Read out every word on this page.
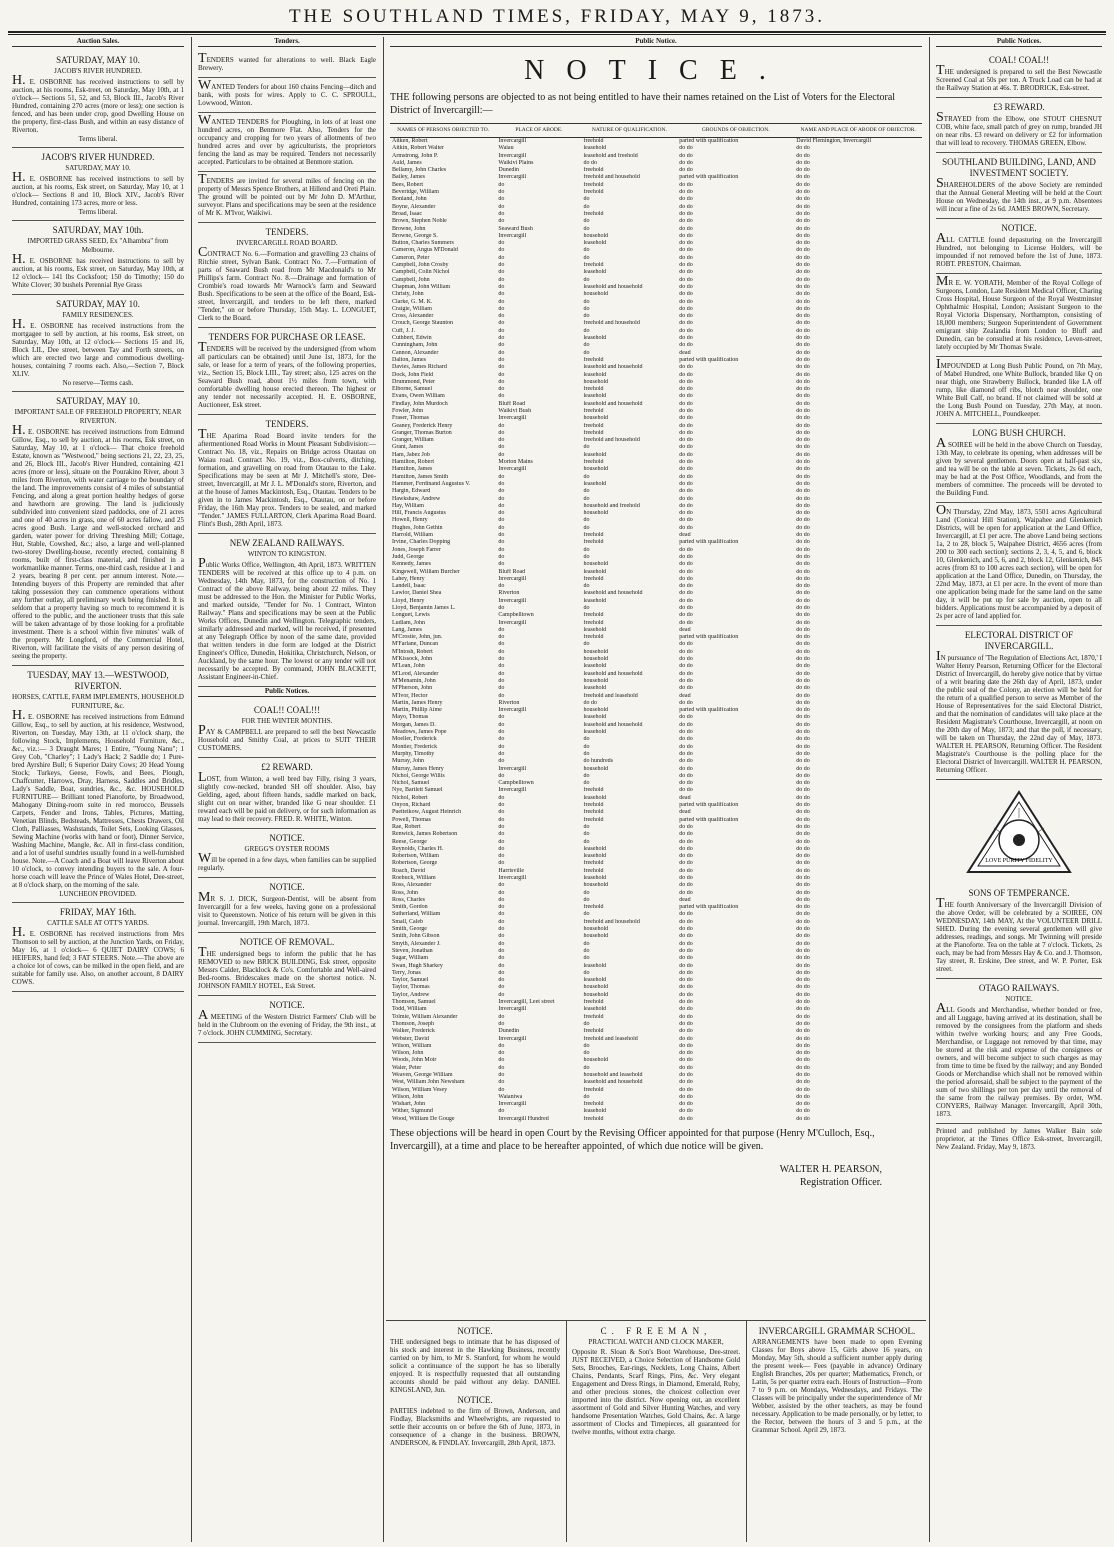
THE SOUTHLAND TIMES, FRIDAY, MAY 9, 1873.
Auction Sales.
SATURDAY, MAY 10.
JACOB'S RIVER HUNDRED.

H. E. OSBORNE has received instructions to sell by auction, at his rooms, Esk-treet, on Saturday, May 10th, at 1 o'clock— Sections 51, 52, and 53, Block III., Jacob's River Hundred, containing 270 acres (more or less); one section is fenced, and has been under crop, good Dwelling House on the property, first-class Bush, and within an easy distance of Riverton.

Terms liberal.
JACOB'S RIVER HUNDRED.
SATURDAY, MAY 10.

H. E. OSBORNE has received instructions to sell by auction, at his rooms, Esk street, on Saturday, May 10, at 1 o'clock— Sections 8 and 10, Block XIV., Jacob's River Hundred, containing 173 acres, more or less.

Terms liberal.
SATURDAY, MAY 10th.
IMPORTED GRASS SEED, Ex "Alhambra" from Melbourne.

H. E. OSBORNE has received instructions to sell by auction, at his rooms, Esk street, on Saturday, May 10th, at 12 o'clock— 141 lbs Cocksfoot; 150 do Timothy; 150 do White Clover; 30 bushels Perennial Rye Grass

SATURDAY, MAY 10.
FAMILY RESIDENCES.

H. E. OSBORNE has received instructions from the mortgagee to sell by auction, at his rooms, Esk street, on Saturday, May 10th, at 12 o'clock— Sections 15 and 16, Block LII., Dee street, between Tay and Forth streets, on which are erected two large and commodious dwelling-houses, containing 7 rooms each. Also,—Section 7, Block XLIV.

No reserve—Terms cash.
SATURDAY, MAY 10.
IMPORTANT SALE OF FREEHOLD PROPERTY, NEAR RIVERTON.

H. E. OSBORNE has received instructions from Edmund Gillow, Esq., to sell by auction, at his rooms, Esk street, on Saturday, May 10, at 1 o'clock— That choice freehold Estate, known as "Westwood," being sections 21, 22, 23, 25, and 26, Block III., Jacob's River Hundred, containing 421 acres (more or less), situate on the Pourakino River, about 3 miles from Riverton, with water carriage to the boundary of the land. The improvements consist of 4 miles of substantial Fencing, and along a great portion healthy hedges of gorse and hawthorn are growing. The land is judiciously subdivided into convenient sized paddocks, one of 21 acres and one of 40 acres in grass, one of 60 acres fallow, and 25 acres good Bush. Large and well-stocked orchard and garden, water power for driving Threshing Mill; Cottage, Hut, Stable, Cowshed, &c.; also, a large and well-planned two-storey Dwelling-house, recently erected, containing 8 rooms, built of first-class material, and finished in a workmanlike manner. Terms, one-third cash, residue at 1 and 2 years, bearing 8 per cent. per annum interest. Note.—Intending buyers of this Property are reminded that after taking possession they can commence operations without any further outlay, all preliminary work being finished. It is seldom that a property having so much to recommend it is offered to the public, and the auctioneer trusts that this sale will be taken advantage of by those looking for a profitable investment. There is a school within five minutes' walk of the property. Mr Longford, of the Commercial Hotel, Riverton, will facilitate the visits of any person desiring of seeing the property.

TUESDAY, MAY 13.—WESTWOOD, RIVERTON.
HORSES, CATTLE, FARM IMPLEMENTS, HOUSEHOLD FURNITURE, &c.

H. E. OSBORNE has received instructions from Edmund Gillow, Esq., to sell by auction, at his residence, Westwood, Riverton, on Tuesday, May 13th, at 11 o'clock sharp, the following Stock, Implements, Household Furniture, &c., &c., viz.:— 3 Draught Mares; 1 Entire, "Young Nanu"; 1 Grey Cob, "Charley"; 1 Lady's Hack; 2 Saddle do; 1 Pure-bred Ayrshire Bull; 6 Superior Dairy Cows; 20 Head Young Stock; Turkeys, Geese, Fowls, and Bees, Plough, Chaffcutter, Harrows, Dray, Harness, Saddles and Bridles, Lady's Saddle, Boat, sundries, &c., &c. HOUSEHOLD FURNITURE— Brilliant toned Pianoforte, by Broadwood, Mahogany Dining-room suite in red morocco, Brussels Carpets, Fender and Irons, Tables, Pictures, Matting, Venetian Blinds, Bedsteads, Mattresses, Chests Drawers, Oil Cloth, Palliasses, Washstands, Toilet Sets, Looking Glasses, Sewing Machine (works with hand or foot), Dinner Service, Washing Machine, Mangle, &c. All in first-class condition, and a lot of useful sundries usually found in a well-furnished house. Note.—A Coach and a Boat will leave Riverton about 10 o'clock, to convey intending buyers to the sale. A four-horse coach will leave the Prince of Wales Hotel, Dee-street, at 8 o'clock sharp, on the morning of the sale.

LUNCHEON PROVIDED.
FRIDAY, MAY 16th.
CATTLE SALE AT OTT'S YARDS.

H. E. OSBORNE has received instructions from Mrs Thomson to sell by auction, at the Junction Yards, on Friday, May 16, at 1 o'clock— 6 QUIET DAIRY COWS; 6 HEIFERS, hand fed; 3 FAT STEERS. Note.—The above are a choice lot of cows, can be milked in the open field, and are suitable for family use. Also, on another account, 8 DAIRY COWS.

Tenders.

TENDERS wanted for alterations to well. Black Eagle Brewery.

WANTED Tenders for about 160 chains Fencing—ditch and bank, with posts for wires. Apply to C. C. SPROULL, Lowwood, Winton.

WANTED TENDERS for Ploughing, in lots of at least one hundred acres, on Benmore Flat. Also, Tenders for the occupancy and cropping for two years of allotments of two hundred acres and over by agriculturists, the proprietors fencing the land as may be required. Tenders not necessarily accepted. Particulars to be obtained at Benmore station.

TENDERS are invited for several miles of fencing on the property of Messrs Spence Brothers, at Hillend and Oreti Plain. The ground will be pointed out by Mr John D. M'Arthur, surveyor. Plans and specifications may be seen at the residence of Mr K. M'Ivor, Waikiwi.

TENDERS.
INVERCARGILL ROAD BOARD.

CONTRACT No. 6.—Formation and gravelling 23 chains of Ritchie street, Sylvan Bank. Contract No. 7.—Formation of parts of Seaward Bush road from Mr Macdonald's to Mr Phillips's farm. Contract No. 8.—Drainage and formation of Crombie's road towards Mr Warnock's farm and Seaward Bush. Specifications to be seen at the office of the Board, Esk-street, Invercargill, and tenders to be left there, marked "Tender," on or before Thursday, 15th May. L. LONGUET, Clerk to the Board.

TENDERS FOR PURCHASE OR LEASE.

TENDERS will be received by the undersigned (from whom all particulars can be obtained) until June 1st, 1873, for the sale, or lease for a term of years, of the following properties, viz., Section 15, Block LIII., Tay street; also, 125 acres on the Seaward Bush road, about 1½ miles from town, with comfortable dwelling house erected thereon. The highest or any tender not necessarily accepted. H. E. OSBORNE, Auctioneer, Esk street.

TENDERS.

THE Aparima Road Board invite tenders for the aftermentioned Road Works in Mount Pleasant Subdivision:— Contract No. 18, viz., Repairs on Bridge across Otautau on Waiau road. Contract No. 19, viz., Box-culverts, ditching, formation, and gravelling on road from Otautau to the Lake. Specifications may be seen at Mr J. Mitchell's store, Dee-street, Invercargill, at Mr J. L. M'Donald's store, Riverton, and at the house of James Mackintosh, Esq., Otautau. Tenders to be given in to James Mackintosh, Esq., Otautau, on or before Friday, the 16th May prox. Tenders to be sealed, and marked "Tender." JAMES FULLARTON, Clerk Aparima Road Board. Flint's Bush, 28th April, 1873.

NEW ZEALAND RAILWAYS.
WINTON TO KINGSTON.

Public Works Office, Wellington, 4th April, 1873. WRITTEN TENDERS will be received at this office up to 4 p.m. on Wednesday, 14th May, 1873, for the construction of No. 1 Contract of the above Railway, being about 22 miles. They must be addressed to the Hon. the Minister for Public Works, and marked outside, "Tender for No. 1 Contract, Winton Railway." Plans and specifications may be seen at the Public Works Offices, Dunedin and Wellington. Telegraphic tenders, similarly addressed and marked, will be received, if presented at any Telegraph Office by noon of the same date, provided that written tenders in due form are lodged at the District Engineer's Office, Dunedin, Hokitika, Christchurch, Nelson, or Auckland, by the same hour. The lowest or any tender will not necessarily be accepted. By command, JOHN BLACKETT, Assistant Engineer-in-Chief.

Public Notices.
COAL!! COAL!!!
FOR THE WINTER MONTHS.

PAY & CAMPBELL are prepared to sell the best Newcastle Household and Smithy Coal, at prices to SUIT THEIR CUSTOMERS.

£2 REWARD.

LOST, from Winton, a well bred bay Filly, rising 3 years, slightly cow-necked, branded SH off shoulder. Also, bay Gelding, aged, about fifteen hands, saddle marked on back, slight cut on near wither, branded like G near shoulder. £1 reward each will be paid on delivery, or for such information as may lead to their recovery. FRED. R. WHITE, Winton.

NOTICE.
GREGG'S OYSTER ROOMS

Will be opened in a few days, when families can be supplied regularly.

NOTICE.

MR S. J. DICK, Surgeon-Dentist, will be absent from Invercargill for a few weeks, having gone on a professional visit to Queenstown. Notice of his return will be given in this journal. Invercargill, 19th March, 1873.

NOTICE OF REMOVAL.

THE undersigned begs to inform the public that he has REMOVED to new BRICK BUILDING, Esk street, opposite Messrs Calder, Blacklock & Co's. Comfortable and Well-aired Bed-rooms. Bridescakes made on the shortest notice. N. JOHNSON FAMILY HOTEL, Esk Street.

NOTICE.

A MEETING of the Western District Farmers' Club will be held in the Clubroom on the evening of Friday, the 9th inst., at 7 o'clock. JOHN CUMMING, Secretary.

Public Notice.
NOTICE.

THE following persons are objected to as not being entitled to have their names retained on the List of Voters for the Electoral District of Invercargill:—

NAMES OF PERSONS OBJECTED TO.	PLACE OF ABODE.	NATURE OF QUALIFICATION.	GROUNDS OF OBJECTION.	NAME AND PLACE OF ABODE OF OBJECTOR.
Aitken, Robert	Invercargill	freehold	parted with qualification	David Flemington, Invercargill
Aitkin, Robert Walter	Waiau	leasehold	do do	do do
Armstrong, John P.	Invercargill	leasehold and freehold	do do	do do
Auld, James	Waikivi Plains	do do	do do	do do
Bellamy, John Charles	Dunedin	freehold	do do	do do
Bailey, James	Invercargill	freehold and household	parted with qualification	do do
Bees, Robert	do	freehold	do do	do do
Beveridge, William	do	freehold	do do	do do
Bonland, John	do	do	do do	do do
Boyne, Alexander	do	do	do do	do do
Broad, Isaac	do	freehold	do do	do do
Brown, Stephen Noble	do	do	do do	do do
Browne, John	Seaward Bush	do	do do	do do
Browne, George S.	Invercargill	household	do do	do do
Button, Charles Summers	do	leasehold	do do	do do
Cameron, Angus M'Donald	do	do	do do	do do
Cameron, Peter	do	do	do do	do do
Campbell, John Crosby	do	freehold	do do	do do
Campbell, Colin Nichol	do	leasehold	do do	do do
Campbell, John	do	do	do do	do do
Chapman, John William	do	leasehold and household	do do	do do
Christy, John	do	household	do do	do do
Clarke, G. M. K.	do	do	do do	do do
Craigie, William	do	do	do do	do do
Cross, Alexander	do	do	do do	do do
Crouch, George Staunton	do	freehold and household	do do	do do
Cuff, J. J.	do	do	do do	do do
Cuthbert, Edwin	do	leasehold	do do	do do
Cunningham, John	do	do	do do	do do
Cannon, Alexander	do	do	dead	do do
Dalton, James	do	freehold	parted with qualification	do do
Davies, James Richard	do	leasehold and household	do do	do do
Dock, John Field	do	leasehold	do do	do do
Drummond, Peter	do	household	do do	do do
Elborne, Samuel	do	freehold	do do	do do
Evans, Owen William	do	leasehold	do do	do do
Findlay, John Murdoch	Bluff Road	leasehold and household	do do	do do
Fowler, John	Waikivi Bush	freehold	do do	do do
Fraser, Thomas	Invercargill	household	do do	do do
Geaney, Frederick Henry	do	freehold	do do	do do
Granger, Thomas Burton	do	freehold	do do	do do
Granger, William	do	freehold and household	do do	do do
Grant, James	do	do	do do	do do
Ham, Jabez Job	do	leasehold	do do	do do
Hamilton, Robert	Morton Mains	freehold	do do	do do
Hamilton, James	Invercargill	household	do do	do do
Hamilton, James Smith	do	do	do do	do do
Hammer, Ferdinand Augustus V.	do	leasehold	do do	do do
Hargin, Edward	do	do	do do	do do
Hawkshaw, Andrew	do	do	do do	do do
Hay, William	do	household and freehold	do do	do do
Hill, Francis Augustus	do	household	do do	do do
Howell, Henry	do	do	do do	do do
Hughes, John Gethin	do	do	do do	do do
Harrold, William	do	freehold	dead	do do
Irvine, Charles Dopping	do	freehold	parted with qualification	do do
Jones, Joseph Farrer	do	do	do do	do do
Judd, George	do	do	do do	do do
Kennedy, James	do	household	do do	do do
Kingswell, William Burcher	Bluff Road	leasehold	do do	do do
Lahey, Henry	Invercargill	freehold	do do	do do
Landell, Isaac	do	do	do do	do do
Lawlor, Daniel Shea	Riverton	leasehold and household	do do	do do
Lloyd, Henry	Invercargill	leasehold	do do	do do
Lloyd, Benjamin James L.	do	do	do do	do do
Longuet, Lewis	Campbelltown	freehold	do do	do do
Ludlam, John	Invercargill	freehold	do do	do do
Lang, James	do	leasehold	dead	do do
M'Crostie, John, jun.	do	freehold	parted with qualification	do do
M'Farlane, Duncan	do	do	do do	do do
M'Intosh, Robert	do	household	do do	do do
M'Kissock, John	do	household	do do	do do
M'Lean, John	do	leasehold	do do	do do
M'Leod, Alexander	do	leasehold and household	do do	do do
M'Menamin, John	do	household	do do	do do
M'Pherson, John	do	leasehold	do do	do do
M'Ivor, Hector	do	freehold and leasehold	dead	do do
Martin, James Henry	Riverton	do do	do do	do do
Martin, Phillip Aime	Invercargill	household	parted with qualification	do do
Mayo, Thomas	do	leasehold	do do	do do
Morgan, James D.	do	leasehold and household	do do	do do
Meadows, James Pope	do	leasehold	do do	do do
Moeller, Frederick	do	do	do do	do do
Montier, Frederick	do	do	do do	do do
Murphy, Timothy	do	do	do do	do do
Murray, John	do	do hundreds	do do	do do
Murray, James Henry	Invercargill	household	do do	do do
Nichol, George Willis	do	do	do do	do do
Nichol, Samuel	Campbelltown	do	do do	do do
Nye, Bartlett Samuel	Invercargill	freehold	do do	do do
Nichol, Robert	do	leasehold	dead	do do
Onyon, Richard	do	freehold	parted with qualification	do do
Puetteikow, August Heinrich	do	freehold	dead	do do
Powell, Thomas	do	freehold	parted with qualification	do do
Rae, Robert	do	do	do do	do do
Renwick, James Robertson	do	do	do do	do do
Reese, George	do	do	do do	do do
Reynolds, Charles H.	do	leasehold	do do	do do
Robertson, William	do	leasehold	do do	do do
Robertson, George	do	freehold	do do	do do
Roach, David	Harrisville	freehold	do do	do do
Roebuck, William	Invercargill	leasehold	do do	do do
Ross, Alexander	do	household	do do	do do
Ross, John	do	do	do do	do do
Ross, Charles	do	do	dead	do do
Smith, Gordon	do	freehold	parted with qualification	do do
Sutherland, William	do	do	do do	do do
Small, Caleb	do	freehold and household	do do	do do
Smith, George	do	household	do do	do do
Smith, John Gibson	do	household	do do	do do
Smyth, Alexander J.	do	do	do do	do do
Steven, Jonathan	do	do	do do	do do
Sugar, William	do	do	do do	do do
Swan, Hugh Sharkey	do	leasehold	do do	do do
Terry, Jonas	do	do	do do	do do
Taylor, Samuel	do	leasehold	do do	do do
Taylor, Thomas	do	household	do do	do do
Taylor, Andrew	do	household	do do	do do
Thomson, Samuel	Invercargill, Leet street	freehold	do do	do do
Todd, William	Invercargill	leasehold	do do	do do
Tolmie, William Alexander	do	freehold	do do	do do
Thomson, Joseph	do	do	do do	do do
Walker, Frederick	Dunedin	freehold	do do	do do
Webster, David	Invercargill	freehold and leasehold	do do	do do
Wilson, William	do	do	do do	do do
Wilson, John	do	do	do do	do do
Woods, John Moir	do	household	do do	do do
Waler, Peter	do	do	do do	do do
Weaven, George William	do	household and leasehold	do do	do do
West, William John Newsham	do	leasehold and household	do do	do do
Wilson, William Vesey	do	freehold	do do	do do
Wilson, John	Waianiwa	do	do do	do do
Wishart, John	Invercargill	freehold	do do	do do
Wither, Sigmund	do	leasehold	do do	do do
Wood, William De Gouge	Invercargill Hundred	freehold	do do	do do

These objections will be heard in open Court by the Revising Officer appointed for that purpose (Henry M'Culloch, Esq., Invercargill), at a time and place to be hereafter appointed, of which due notice will be given.

WALTER H. PEARSON,
Registration Officer.
NOTICE.

THE undersigned begs to intimate that he has disposed of his stock and interest in the Hawking Business, recently carried on by him, to Mr S. Stanford, for whom he would solicit a continuance of the support he has so liberally enjoyed. It is respectfully requested that all outstanding accounts should be paid without any delay. DANIEL KINGSLAND, Jun.

NOTICE.

PARTIES indebted to the firm of Brown, Anderson, and Findlay, Blacksmiths and Wheelwrights, are requested to settle their accounts on or before the 6th of June, 1873, in consequence of a change in the business. BROWN, ANDERSON, & FINDLAY. Invercargill, 28th April, 1873.

C. FREEMAN,
PRACTICAL WATCH AND CLOCK MAKER,

Opposite R. Sloan & Son's Boot Warehouse, Dee-street. JUST RECEIVED, a Choice Selection of Handsome Gold Sets, Brooches, Ear-rings, Necklets, Long Chains, Albert Chains, Pendants, Scarf Rings, Pins, &c. Very elegant Engagement and Dress Rings, in Diamond, Emerald, Ruby, and other precious stones, the choicest collection ever imported into the district. Now opening out, an excellent assortment of Gold and Silver Hunting Watches, and very handsome Presentation Watches, Gold Chains, &c. A large assortment of Clocks and Timepieces, all guaranteed for twelve months, without extra charge.

INVERCARGILL GRAMMAR SCHOOL.

ARRANGEMENTS have been made to open Evening Classes for Boys above 15, Girls above 16 years, on Monday, May 5th, should a sufficient number apply during the present week— Fees (payable in advance) Ordinary English Branches, 20s per quarter; Mathematics, French, or Latin, 5s per quarter extra each. Hours of Instruction—From 7 to 9 p.m. on Mondays, Wednesdays, and Fridays. The Classes will be principally under the superintendence of Mr Webber, assisted by the other teachers, as may be found necessary. Application to be made personally, or by letter, to the Rector, between the hours of 3 and 5 p.m., at the Grammar School. April 29, 1873.

Public Notices.
COAL! COAL!!

THE undersigned is prepared to sell the Best Newcastle Screened Coal at 50s per ton. A Truck Load can be had at the Railway Station at 46s. T. BRODRICK, Esk-street.

£3 REWARD.

STRAYED from the Elbow, one STOUT CHESNUT COB, white face, small patch of grey on rump, branded JH on near ribs. £3 reward on delivery or £2 for information that will lead to recovery. THOMAS GREEN, Elbow.

SOUTHLAND BUILDING, LAND, AND INVESTMENT SOCIETY.

SHAREHOLDERS of the above Society are reminded that the Annual General Meeting will be held at the Court House on Wednesday, the 14th inst., at 9 p.m. Absentees will incur a fine of 2s 6d. JAMES BROWN, Secretary.

NOTICE.

ALL CATTLE found depasturing on the Invercargill Hundred, not belonging to License Holders, will be impounded if not removed before the 1st of June, 1873. ROBT. PRESTON, Chairman.

MR E. W. YORATH, Member of the Royal College of Surgeons, London, Late Resident Medical Officer, Charing Cross Hospital, House Surgeon of the Royal Westminster Ophthalmic Hospital, London; Assistant Surgeon to the Royal Victoria Dispensary, Northampton, consisting of 18,000 members; Surgeon Superintendent of Government emigrant ship Zealandia from London to Bluff and Dunedin, can be consulted at his residence, Leven-street, lately occupied by Mr Thomas Swale.

IMPOUNDED at Long Bush Public Pound, on 7th May, of Mabel Hundred, one White Bullock, branded like Q on near thigh, one Strawberry Bullock, branded like LA off rump, like diamond off ribs, blotch near shoulder, one White Bull Calf, no brand. If not claimed will be sold at the Long Bush Pound on Tuesday, 27th May, at noon. JOHN A. MITCHELL, Poundkeeper.

LONG BUSH CHURCH.

A SOIREE will be held in the above Church on Tuesday, 13th May, to celebrate its opening, when addresses will be given by several gentlemen. Doors open at half-past six, and tea will be on the table at seven. Tickets, 2s 6d each, may be had at the Post Office, Woodlands, and from the members of committee. The proceeds will be devoted to the Building Fund.

ON Thursday, 22nd May, 1873, 5501 acres Agricultural Land (Conical Hill Station), Waipahee and Glenkenich Districts, will be open for application at the Land Office, Invercargill, at £1 per acre. The above Land being sections 1a, 2 to 28, block 5, Waipahee District, 4656 acres (from 200 to 300 each section); sections 2, 3, 4, 5, and 6, block 10, Glenkenich, and 5, 6, and 2, block 12, Glenkenich, 845 acres (from 83 to 100 acres each section), will be open for application at the Land Office, Dunedin, on Thursday, the 22nd May, 1873, at £1 per acre. In the event of more than one application being made for the same land on the same day, it will be put up for sale by auction, open to all bidders. Applications must be accompanied by a deposit of 2s per acre of land applied for.

ELECTORAL DISTRICT OF INVERCARGILL.

IN pursuance of 'The Regulation of Elections Act, 1870,' I Walter Henry Pearson, Returning Officer for the Electoral District of Invercargill, do hereby give notice that by virtue of a writ bearing date the 26th day of April, 1873, under the public seal of the Colony, an election will be held for the return of a qualified person to serve as Member of the House of Representatives for the said Electoral District, and that the nomination of candidates will take place at the Resident Magistrate's Courthouse, Invercargill, at noon on the 20th day of May, 1873; and that the poll, if necessary, will be taken on Thursday, the 22nd day of May, 1873. WALTER H. PEARSON, Returning Officer. The Resident Magistrate's Courthouse is the polling place for the Electoral District of Invercargill. WALTER H. PEARSON, Returning Officer.

LOVE PURITY FIDELITY
SONS OF TEMPERANCE.

THE fourth Anniversary of the Invercargill Division of the above Order, will be celebrated by a SOIREE, ON WEDNESDAY, 14th MAY, At the VOLUNTEER DRILL SHED. During the evening several gentlemen will give addresses, readings, and songs. Mr Twinning will preside at the Pianoforte. Tea on the table at 7 o'clock. Tickets, 2s each, may be had from Messrs Hay & Co. and J. Thomson, Tay street, R. Erskine, Dee street, and W. P. Porter, Esk street.

OTAGO RAILWAYS.
NOTICE.

ALL Goods and Merchandise, whether bonded or free, and all Luggage, having arrived at its destination, shall be removed by the consignees from the platform and sheds within twelve working hours; and any Free Goods, Merchandise, or Luggage not removed by that time, may be stored at the risk and expense of the consignees or owners, and will become subject to such charges as may from time to time be fixed by the railway; and any Bonded Goods or Merchandise which shall not be removed within the period aforesaid, shall be subject to the payment of the sum of two shillings per ton per day until the removal of the same from the railway premises. By order, WM. CONYERS, Railway Manager. Invercargill, April 30th, 1873.

Printed and published by James Walker Bain sole proprietor, at the Times Office Esk-street, Invercargill, New Zealand. Friday, May 9, 1873.
